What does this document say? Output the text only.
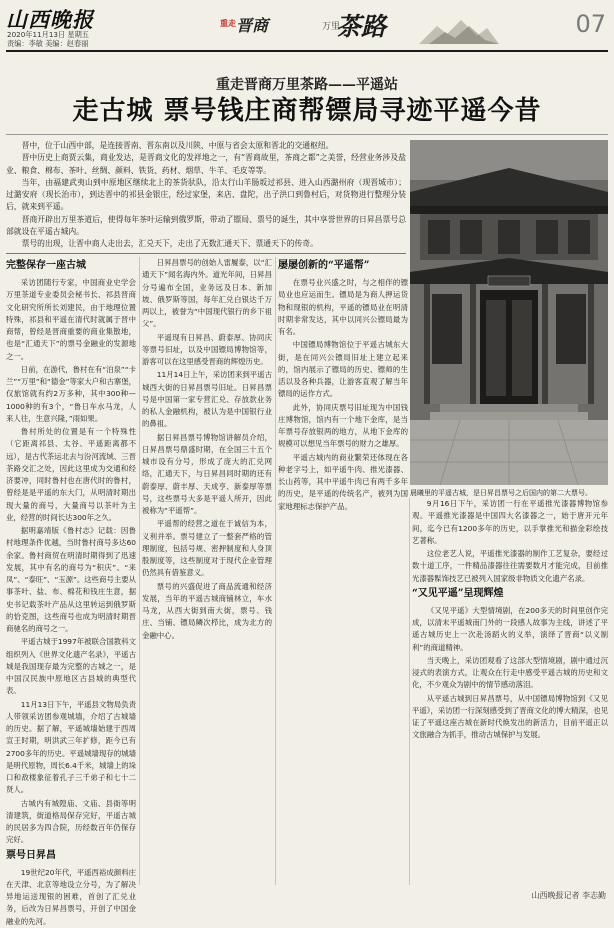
山西晚报
2020年11月13日 星期五
责编：李敏 美编：赵春丽
重走 晋商	万里
茶路	07
重走晋商万里茶路——平遥站
走古城 票号钱庄商帮镖局寻迹平遥今昔

晋中，位于山西中部，是连接晋南、晋东南以及川陕、中原与省会太原和晋北的交通枢纽。

晋中历史上商贾云集，商业发达，是晋商文化的发祥地之一，有“晋商故里，茶商之都”之美誉，经营业务涉及盐业、粮食、棉布、茶叶、丝绸、颜料、铁货、药材、烟草、牛羊、毛皮等等。

当年，由福建武夷山到中原地区继续北上的茶货驮队，沿太行山羊肠坂过祁县、进入山西潞州府（现晋城市）；过潞安府（现长治市），到达晋中的祁县金银庄，经过家堡，来店、盘陀，出子洪口到鲁村后，对货物进行整理分装后，就来到平遥。

晋商开辟出万里茶道后，使得每年茶叶运输到俄罗斯，带动了镖局、票号的诞生，其中享誉世界的日昇昌票号总部就设在平遥古城内。

票号的出现，让晋中商人走出去，汇兑天下，走出了无数汇通天下、票通天下的传奇。

晨曦里的平遥古城，是日昇昌票号之后国内的第二大票号。
完整保存一座古城

采访团随行专家，中国商业史学会万里茶道专业委员会秘书长、祁县晋商文化研究所所长刘建民，由于地理位置特殊，祁县和平遥在清代时就属于晋中商帮，曾经是晋商重要的商业集散地，也是“汇通天下”的票号金融业的发源地之一。

日前，在游代，鲁村在有“泊泉”“卡兰”“万里”和“德金”等家大户和古寨堡，仅旅馆就有约2万多种，其中300种—1000种的有3个，“鲁日车水马龙，人来人往，生意兴隆，”雨如果。

鲁村所处的位置是有一个特殊性（它距离祁县、太谷、平遥距离都不远），是古代茶运北去与汾河流域、三晋茶路交汇之处，因此这里成为交通和经济要冲，同时鲁村也在唐代时的鲁村，曾经是是平遥的东大门，从明清时期出现大量的商号，大量商号以茶叶为主业，经营的时间长达300年之久。

据明嘉靖版《鲁村志》记载：因鲁村地理条件优越，当时鲁村商号多达60余家。鲁村商贸在明清时期得到了迅速发展，其中有名的商号为“积庆”、“来凤”、“泰旺”、“玉源”。这些商号主要从事茶叶、盐、布、棉花和钱庄生意，据史书记载茶叶产品从这里转运到俄罗斯的恰克图，这些商号也成为明清时期晋商驰名的商号之一。

平遥古城于1997年被联合国教科文组织列入《世界文化遗产名录》，平遥古城是我国现存最为完整的古城之一，是中国汉民族中原地区古县城的典型代表。

11月13日下午，平遥县文物局负责人带领采访团参观城墙，介绍了古城墙的历史。据了解，平遥城墙始建于西周宣王时期，明洪武三年扩修，距今已有2700多年的历史。平遥城墙现存的城墙是明代原物，周长6.4千米，城墙上的垛口和敌楼象征着孔子三千弟子和七十二贤人。

古城内有城隍庙、文庙、县衙等明清建筑，街道格局保存完好，平遥古城的民居多为四合院，历经数百年仍保存完好。

票号日昇昌

19世纪20年代，平遥西裕成颜料庄在天津、北京等地设立分号，为了解决异地运送现银的困难，首创了汇兑业务，后改为日昇昌票号，开创了中国金融业的先河。

日昇昌票号的创始人雷履泰，以“汇通天下”闻名海内外。道光年间，日昇昌分号遍布全国，业务远及日本、新加坡、俄罗斯等国，每年汇兑白银达千万两以上，被誉为“中国现代银行的乡下祖父”。

平遥现有日昇昌、蔚泰厚、协同庆等票号旧址，以及中国镖局博物馆等，游客可以在这里感受晋商的辉煌历史。

11月14日上午，采访团来到平遥古城西大街的日昇昌票号旧址。日昇昌票号是中国第一家专营汇兑、存放款业务的私人金融机构，被认为是中国银行业的鼻祖。

据日昇昌票号博物馆讲解员介绍，日昇昌票号鼎盛时期，在全国三十五个城市设有分号，形成了庞大的汇兑网络，汇通天下，与日昇昌同时期的还有蔚泰厚、蔚丰厚、天成亨、新泰厚等票号，这些票号大多是平遥人所开，因此被称为“平遥帮”。

平遥帮的经营之道在于诚信为本，义利并举。票号建立了一整套严格的管理制度，包括号规、密押制度和人身顶股制度等，这些制度对于现代企业管理仍然具有借鉴意义。

票号的兴盛促进了商品流通和经济发展，当年的平遥古城商铺林立，车水马龙，从西大街到南大街，票号、钱庄、当铺、镖局鳞次栉比，成为北方的金融中心。

屡屡创新的“平遥帮”

在票号业兴盛之时，与之相伴的镖局业也应运而生。镖局是为商人押运货物和现银的机构，平遥的镖局业在明清时期非常发达，其中以同兴公镖局最为有名。

中国镖局博物馆位于平遥古城东大街，是在同兴公镖局旧址上建立起来的，馆内展示了镖局的历史、镖师的生活以及各种兵器，让游客直观了解当年镖局的运作方式。

此外，协同庆票号旧址现为中国钱庄博物馆，馆内有一个地下金库，是当年票号存放银两的地方，从地下金库的规模可以想见当年票号的财力之雄厚。

平遥古城内的商业繁荣还体现在各种老字号上，如平遥牛肉、推光漆器、长山药等，其中平遥牛肉已有两千多年的历史，是平遥的传统名产，被列为国家地理标志保护产品。	9月16日下午，采访团一行在平遥推光漆器博物馆参观。平遥推光漆器是中国四大名漆器之一，始于唐开元年间，迄今已有1200多年的历史，以手掌推光和描金彩绘技艺著称。

这位老艺人说，平遥推光漆器的制作工艺复杂，要经过数十道工序，一件精品漆器往往需要数月才能完成，目前推光漆器髹饰技艺已被列入国家级非物质文化遗产名录。

“又见平遥”呈现辉煌

《又见平遥》大型情境剧，在200多天的时间里创作完成，以清末平遥城南门外的一段感人故事为主线，讲述了平遥古城历史上一次赴汤蹈火的义举，演绎了晋商“以义制利”的商道精神。

当天晚上，采访团观看了这部大型情境剧，剧中通过沉浸式的表演方式，让观众在行走中感受平遥古城的历史和文化，不少观众为剧中的情节感动落泪。

从平遥古城到日昇昌票号，从中国镖局博物馆到《又见平遥》，采访团一行深刻感受到了晋商文化的博大精深，也见证了平遥这座古城在新时代焕发出的新活力，目前平遥正以文旅融合为抓手，推动古城保护与发展。

山西晚报记者 李志勤
